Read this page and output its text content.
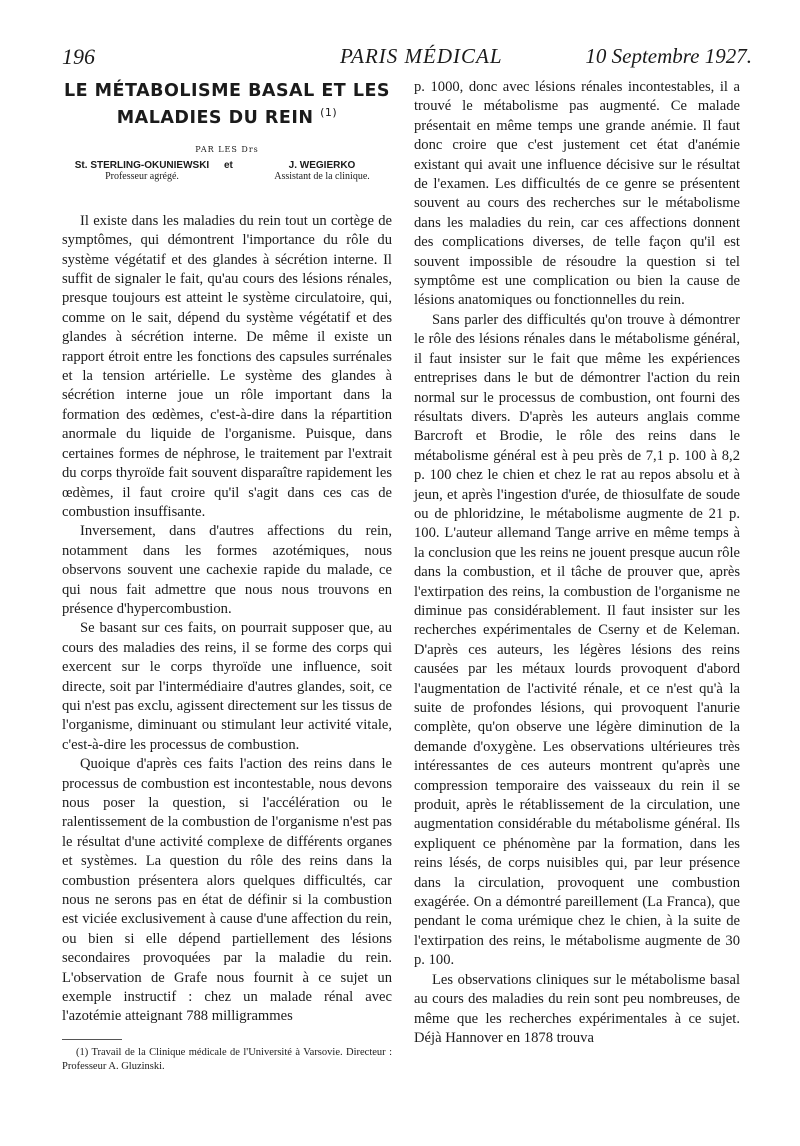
196	PARIS MÉDICAL	10 Septembre 1927.
LE MÉTABOLISME BASAL ET LES MALADIES DU REIN $^{(1)}$
PAR LES Drs
St. STERLING-OKUNIEWSKI
Professeur agrégé.
et	J. WEGIERKO
Assistant de la clinique.

Il existe dans les maladies du rein tout un cortège de symptômes, qui démontrent l'importance du rôle du système végétatif et des glandes à sécrétion interne. Il suffit de signaler le fait, qu'au cours des lésions rénales, presque toujours est atteint le système circulatoire, qui, comme on le sait, dépend du système végétatif et des glandes à sécrétion interne. De même il existe un rapport étroit entre les fonctions des capsules surrénales et la tension artérielle. Le système des glandes à sécrétion interne joue un rôle important dans la formation des œdèmes, c'est-à-dire dans la répartition anormale du liquide de l'organisme. Puisque, dans certaines formes de néphrose, le traitement par l'extrait du corps thyroïde fait souvent disparaître rapidement les œdèmes, il faut croire qu'il s'agit dans ces cas de combustion insuffisante.

Inversement, dans d'autres affections du rein, notamment dans les formes azotémiques, nous observons souvent une cachexie rapide du malade, ce qui nous fait admettre que nous nous trouvons en présence d'hypercombustion.

Se basant sur ces faits, on pourrait supposer que, au cours des maladies des reins, il se forme des corps qui exercent sur le corps thyroïde une influence, soit directe, soit par l'intermédiaire d'autres glandes, soit, ce qui n'est pas exclu, agissent directement sur les tissus de l'organisme, diminuant ou stimulant leur activité vitale, c'est-à-dire les processus de combustion.

Quoique d'après ces faits l'action des reins dans le processus de combustion est incontestable, nous devons nous poser la question, si l'accélération ou le ralentissement de la combustion de l'organisme n'est pas le résultat d'une activité complexe de différents organes et systèmes. La question du rôle des reins dans la combustion présentera alors quelques difficultés, car nous ne serons pas en état de définir si la combustion est viciée exclusivement à cause d'une affection du rein, ou bien si elle dépend partiellement des lésions secondaires provoquées par la maladie du rein. L'observation de Grafe nous fournit à ce sujet un exemple instructif : chez un malade rénal avec l'azotémie atteignant 788 milligrammes

(1) Travail de la Clinique médicale de l'Université à Varsovie. Directeur : Professeur A. Gluzinski.

p. 1000, donc avec lésions rénales incontestables, il a trouvé le métabolisme pas augmenté. Ce malade présentait en même temps une grande anémie. Il faut donc croire que c'est justement cet état d'anémie existant qui avait une influence décisive sur le résultat de l'examen. Les difficultés de ce genre se présentent souvent au cours des recherches sur le métabolisme dans les maladies du rein, car ces affections donnent des complications diverses, de telle façon qu'il est souvent impossible de résoudre la question si tel symptôme est une complication ou bien la cause de lésions anatomiques ou fonctionnelles du rein.

Sans parler des difficultés qu'on trouve à démontrer le rôle des lésions rénales dans le métabolisme général, il faut insister sur le fait que même les expériences entreprises dans le but de démontrer l'action du rein normal sur le processus de combustion, ont fourni des résultats divers. D'après les auteurs anglais comme Barcroft et Brodie, le rôle des reins dans le métabolisme général est à peu près de 7,1 p. 100 à 8,2 p. 100 chez le chien et chez le rat au repos absolu et à jeun, et après l'ingestion d'urée, de thiosulfate de soude ou de phloridzine, le métabolisme augmente de 21 p. 100. L'auteur allemand Tange arrive en même temps à la conclusion que les reins ne jouent presque aucun rôle dans la combustion, et il tâche de prouver que, après l'extirpation des reins, la combustion de l'organisme ne diminue pas considérablement. Il faut insister sur les recherches expérimentales de Cserny et de Keleman. D'après ces auteurs, les légères lésions des reins causées par les métaux lourds provoquent d'abord l'augmentation de l'activité rénale, et ce n'est qu'à la suite de profondes lésions, qui provoquent l'anurie complète, qu'on observe une légère diminution de la demande d'oxygène. Les observations ultérieures très intéressantes de ces auteurs montrent qu'après une compression temporaire des vaisseaux du rein il se produit, après le rétablissement de la circulation, une augmentation considérable du métabolisme général. Ils expliquent ce phénomène par la formation, dans les reins lésés, de corps nuisibles qui, par leur présence dans la circulation, provoquent une combustion exagérée. On a démontré pareillement (La Franca), que pendant le coma urémique chez le chien, à la suite de l'extirpation des reins, le métabolisme augmente de 30 p. 100.

Les observations cliniques sur le métabolisme basal au cours des maladies du rein sont peu nombreuses, de même que les recherches expérimentales à ce sujet. Déjà Hannover en 1878 trouva
